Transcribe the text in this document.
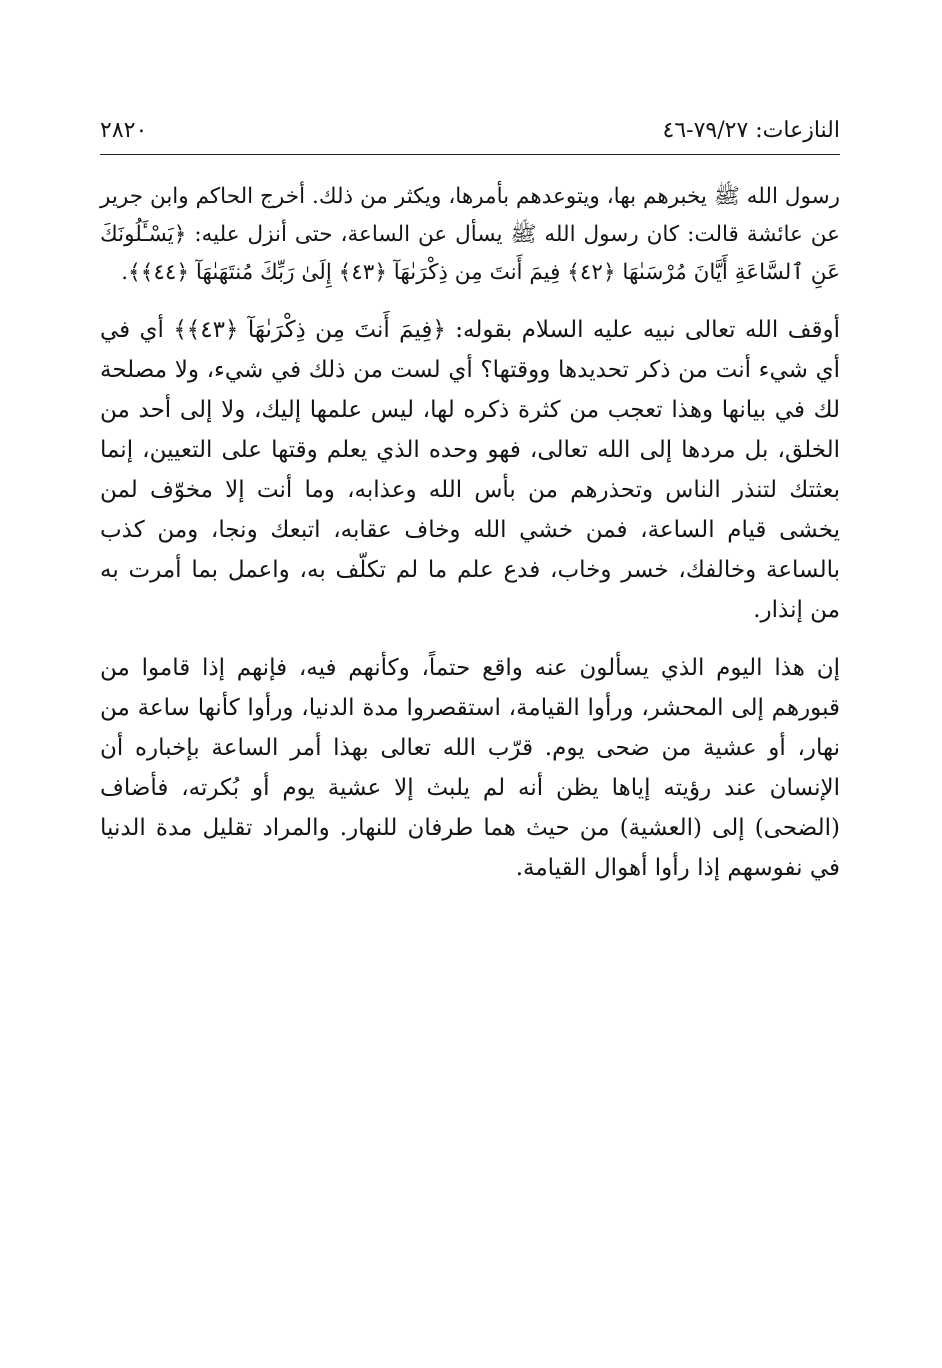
النازعات: ٧٩/٢٧-٤٦
٢٨٢٠

رسول الله ﷺ يخبرهم بها، ويتوعدهم بأمرها، ويكثر من ذلك. أخرج الحاكم وابن جرير عن عائشة قالت: كان رسول الله ﷺ يسأل عن الساعة، حتى أنزل عليه: ﴿يَسْـَٔلُونَكَ عَنِ ٱلسَّاعَةِ أَيَّانَ مُرْسَىٰهَا ﴿٤٢﴾ فِيمَ أَنتَ مِن ذِكْرَىٰهَآ ﴿٤٣﴾ إِلَىٰ رَبِّكَ مُنتَهَىٰهَآ ﴿٤٤﴾﴾.

أوقف الله تعالى نبيه عليه السلام بقوله: ﴿فِيمَ أَنتَ مِن ذِكْرَىٰهَآ ﴿٤٣﴾﴾ أي في أي شيء أنت من ذكر تحديدها ووقتها؟ أي لست من ذلك في شيء، ولا مصلحة لك في بيانها وهذا تعجب من كثرة ذكره لها، ليس علمها إليك، ولا إلى أحد من الخلق، بل مردها إلى الله تعالى، فهو وحده الذي يعلم وقتها على التعيين، إنما بعثتك لتنذر الناس وتحذرهم من بأس الله وعذابه، وما أنت إلا مخوّف لمن يخشى قيام الساعة، فمن خشي الله وخاف عقابه، اتبعك ونجا، ومن كذب بالساعة وخالفك، خسر وخاب، فدع علم ما لم تكلّف به، واعمل بما أمرت به من إنذار.

إن هذا اليوم الذي يسألون عنه واقع حتماً، وكأنهم فيه، فإنهم إذا قاموا من قبورهم إلى المحشر، ورأوا القيامة، استقصروا مدة الدنيا، ورأوا كأنها ساعة من نهار، أو عشية من ضحى يوم. قرّب الله تعالى بهذا أمر الساعة بإخباره أن الإنسان عند رؤيته إياها يظن أنه لم يلبث إلا عشية يوم أو بُكرته، فأضاف (الضحى) إلى (العشية) من حيث هما طرفان للنهار. والمراد تقليل مدة الدنيا في نفوسهم إذا رأوا أهوال القيامة.
